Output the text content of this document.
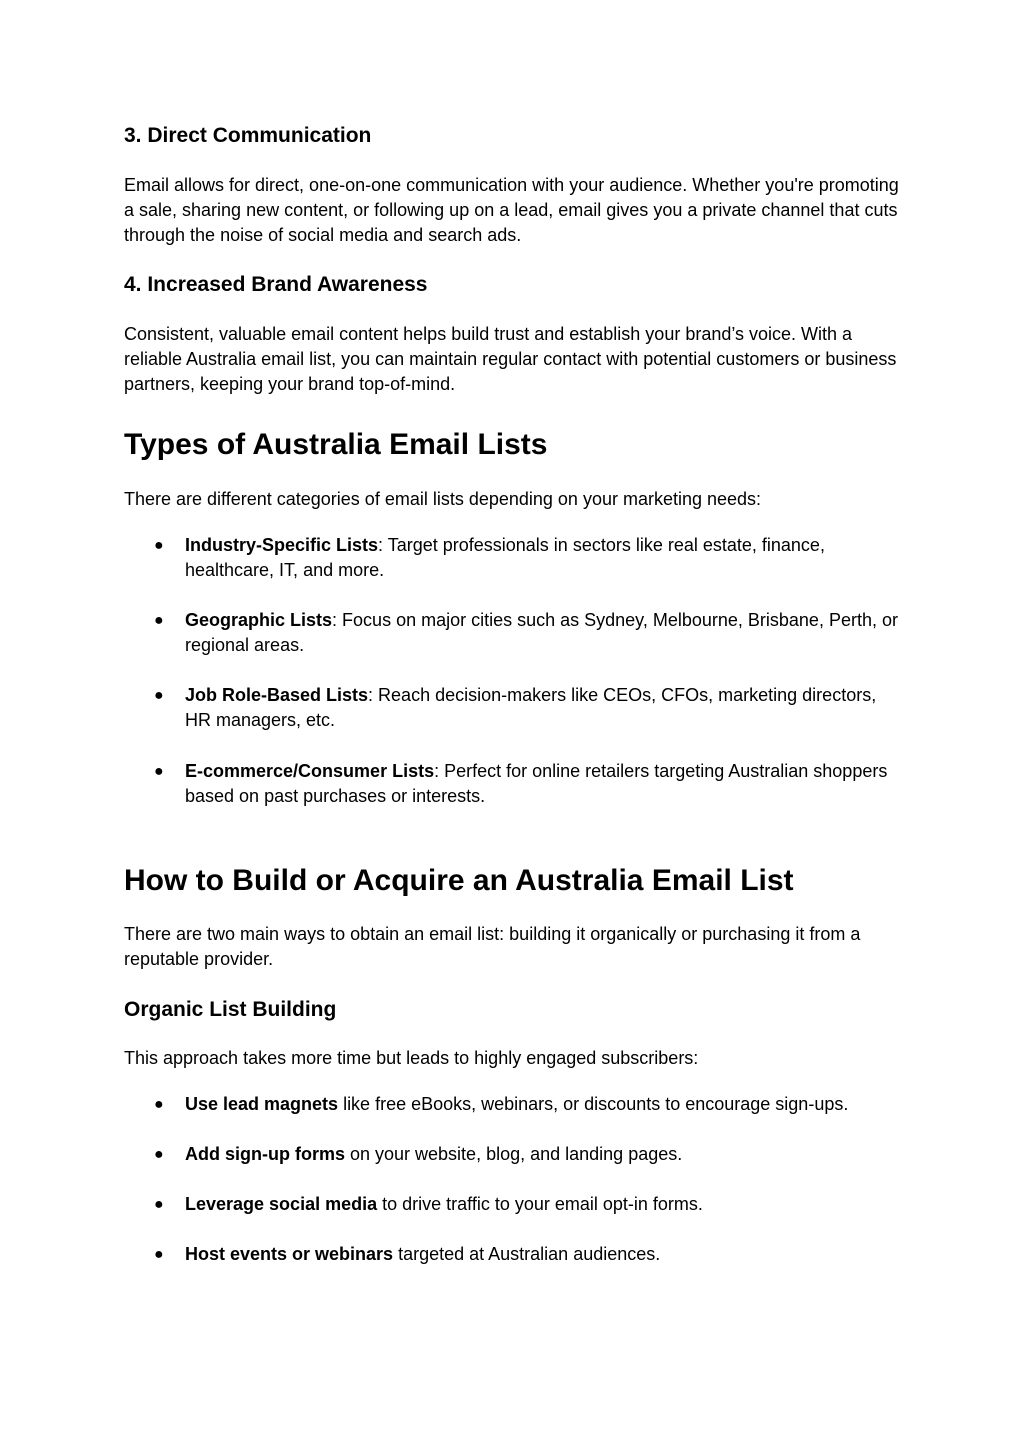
3. Direct Communication

Email allows for direct, one-on-one communication with your audience. Whether you're promoting a sale, sharing new content, or following up on a lead, email gives you a private channel that cuts through the noise of social media and search ads.

4. Increased Brand Awareness

Consistent, valuable email content helps build trust and establish your brand’s voice. With a reliable Australia email list, you can maintain regular contact with potential customers or business partners, keeping your brand top-of-mind.

Types of Australia Email Lists

There are different categories of email lists depending on your marketing needs:

● Industry-Specific Lists: Target professionals in sectors like real estate, finance, healthcare, IT, and more.
● Geographic Lists: Focus on major cities such as Sydney, Melbourne, Brisbane, Perth, or regional areas.
● Job Role-Based Lists: Reach decision-makers like CEOs, CFOs, marketing directors, HR managers, etc.
● E-commerce/Consumer Lists: Perfect for online retailers targeting Australian shoppers based on past purchases or interests.
How to Build or Acquire an Australia Email List

There are two main ways to obtain an email list: building it organically or purchasing it from a reputable provider.

Organic List Building

This approach takes more time but leads to highly engaged subscribers:

● Use lead magnets like free eBooks, webinars, or discounts to encourage sign-ups.
● Add sign-up forms on your website, blog, and landing pages.
● Leverage social media to drive traffic to your email opt-in forms.
● Host events or webinars targeted at Australian audiences.
